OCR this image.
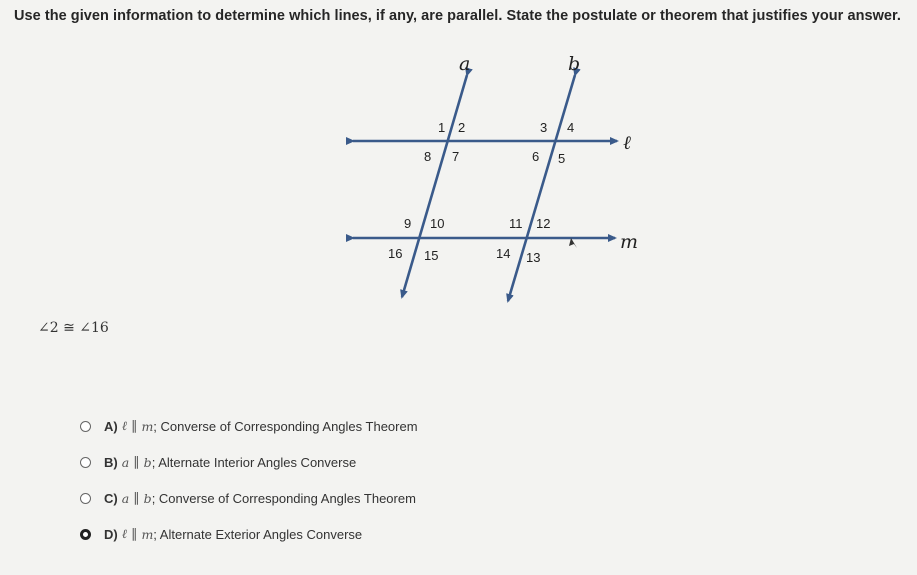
Use the given information to determine which lines, if any, are parallel. State the postulate or theorem that justifies your answer.
a	b
ℓ
m
1 2	3 4
8 7	6 5
9 10	11 12
16 15	14 13
∠2 ≅ ∠16
A) ℓ ∥ m ; Converse of Corresponding Angles Theorem
B) a ∥ b ; Alternate Interior Angles Converse
C) a ∥ b ; Converse of Corresponding Angles Theorem
D) ℓ ∥ m ; Alternate Exterior Angles Converse
